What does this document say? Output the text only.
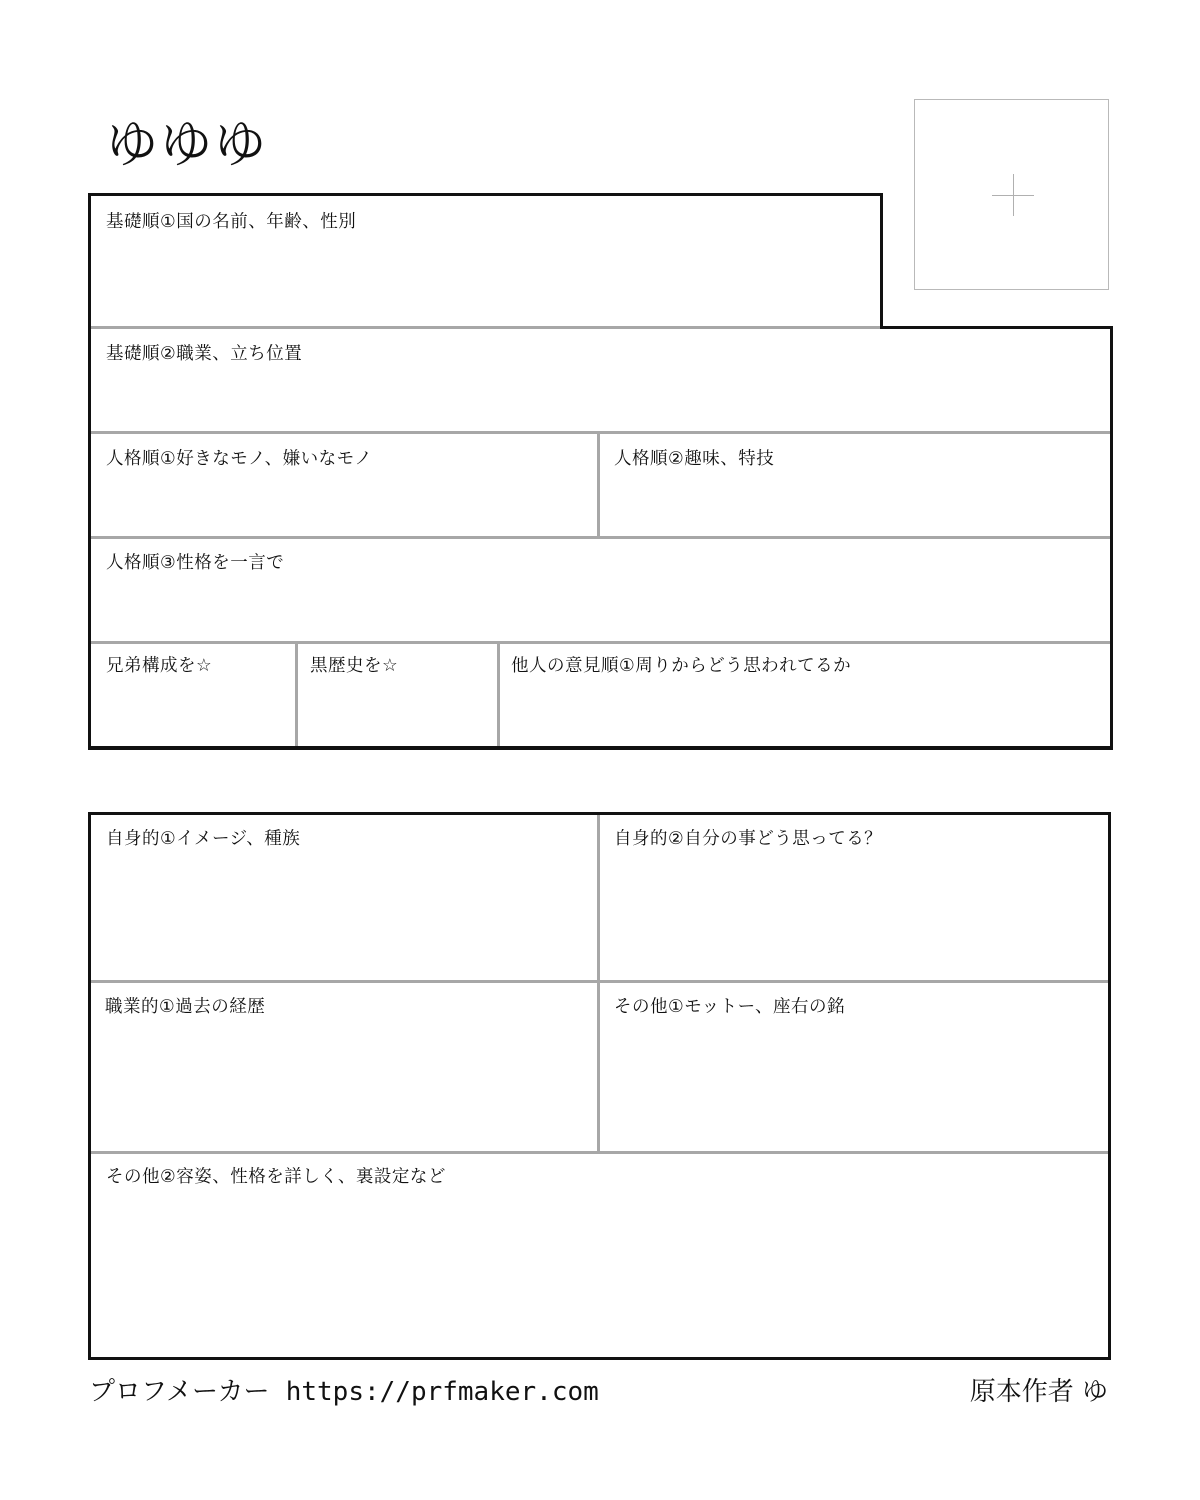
ゆゆゆ
基礎順①国の名前、年齢、性別
基礎順②職業、立ち位置
人格順①好きなモノ、嫌いなモノ	人格順②趣味、特技
人格順③性格を一言で
兄弟構成を☆	黒歴史を☆	他人の意見順①周りからどう思われてるか
自身的①イメージ、種族	自身的②自分の事どう思ってる？
職業的①過去の経歴	その他①モットー、座右の銘
その他②容姿、性格を詳しく、裏設定など
プロフメーカー https://prfmaker.com	原本作者 ゆ
